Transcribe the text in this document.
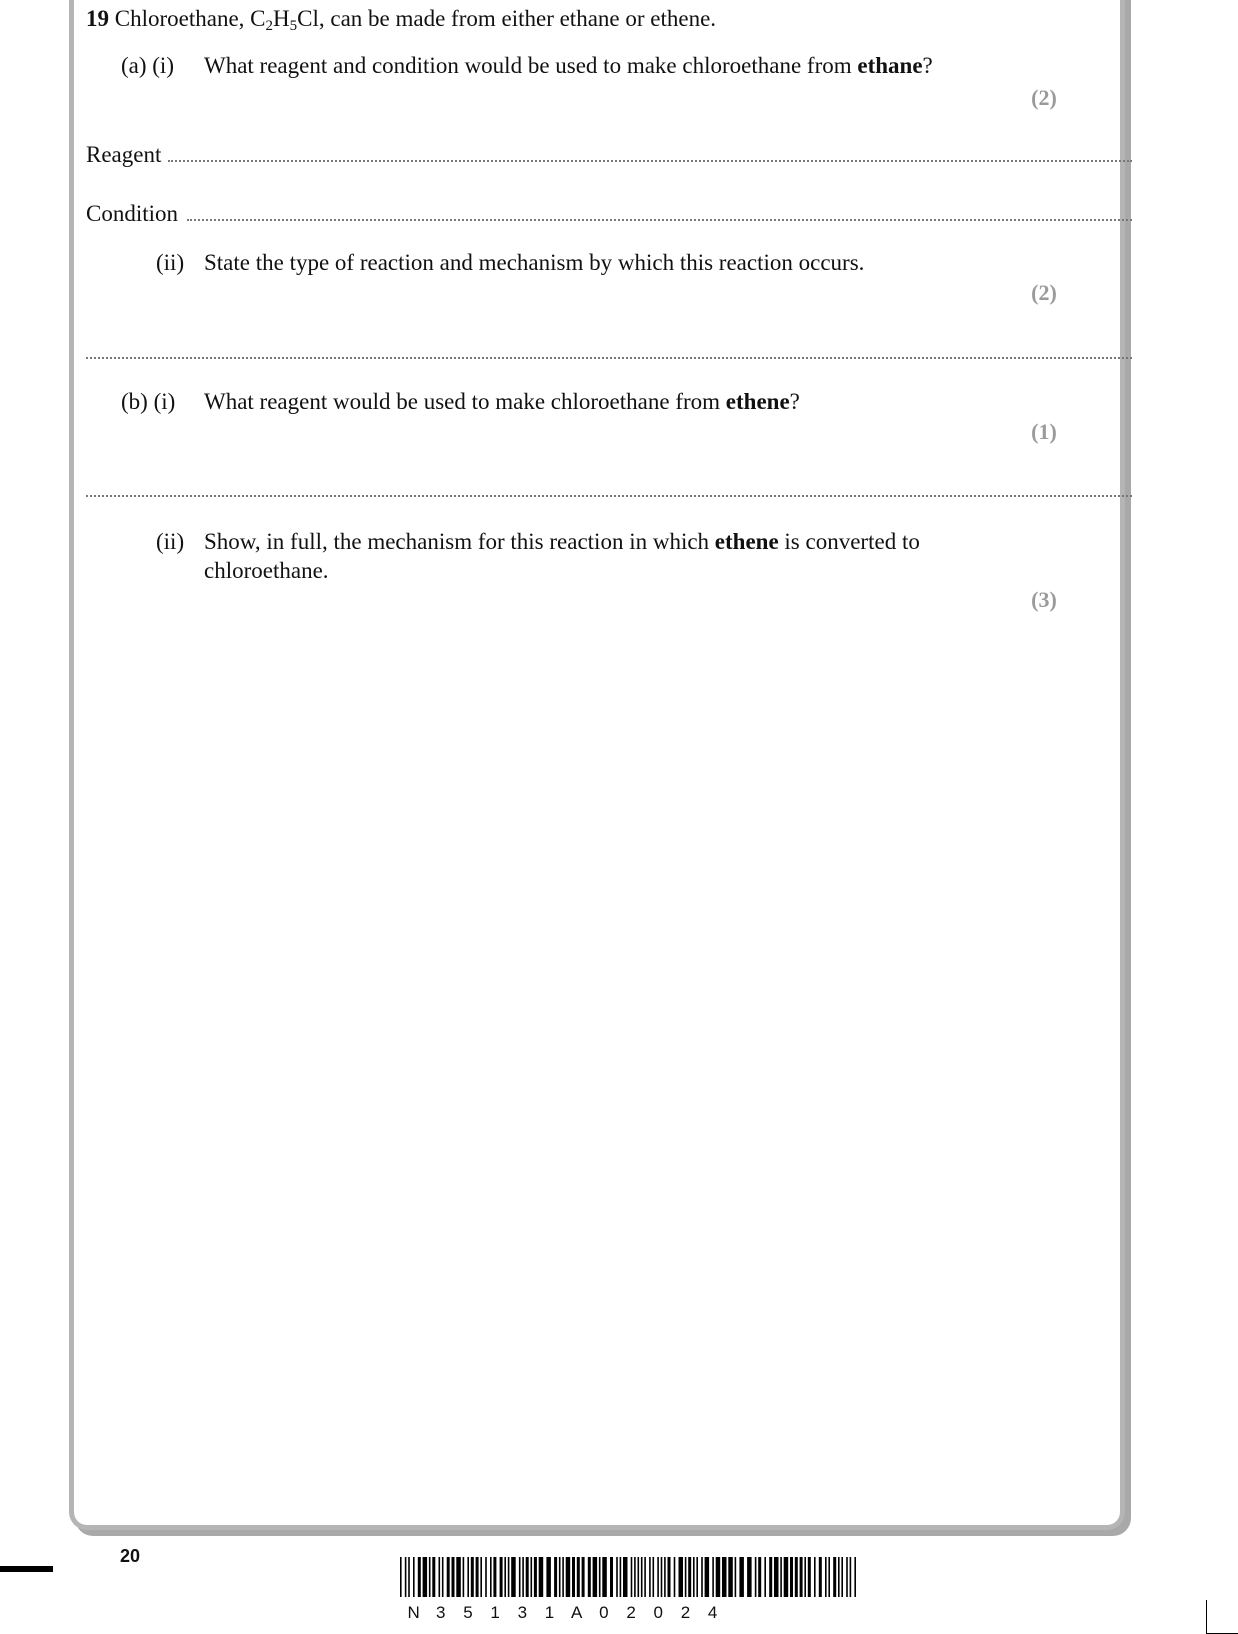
19 Chloroethane, $C_2H_5Cl$, can be made from either ethane or ethene.
(a) (i) What reagent and condition would be used to make chloroethane from ethane?
(2)
Reagent
Condition
(ii) State the type of reaction and mechanism by which this reaction occurs.
(2)
(b) (i) What reagent would be used to make chloroethane from ethene?
(1)
(ii) Show, in full, the mechanism for this reaction in which ethene is converted to
chloroethane.
(3)
20
N 3 5 1 3 1 A 0 2 0 2 4
